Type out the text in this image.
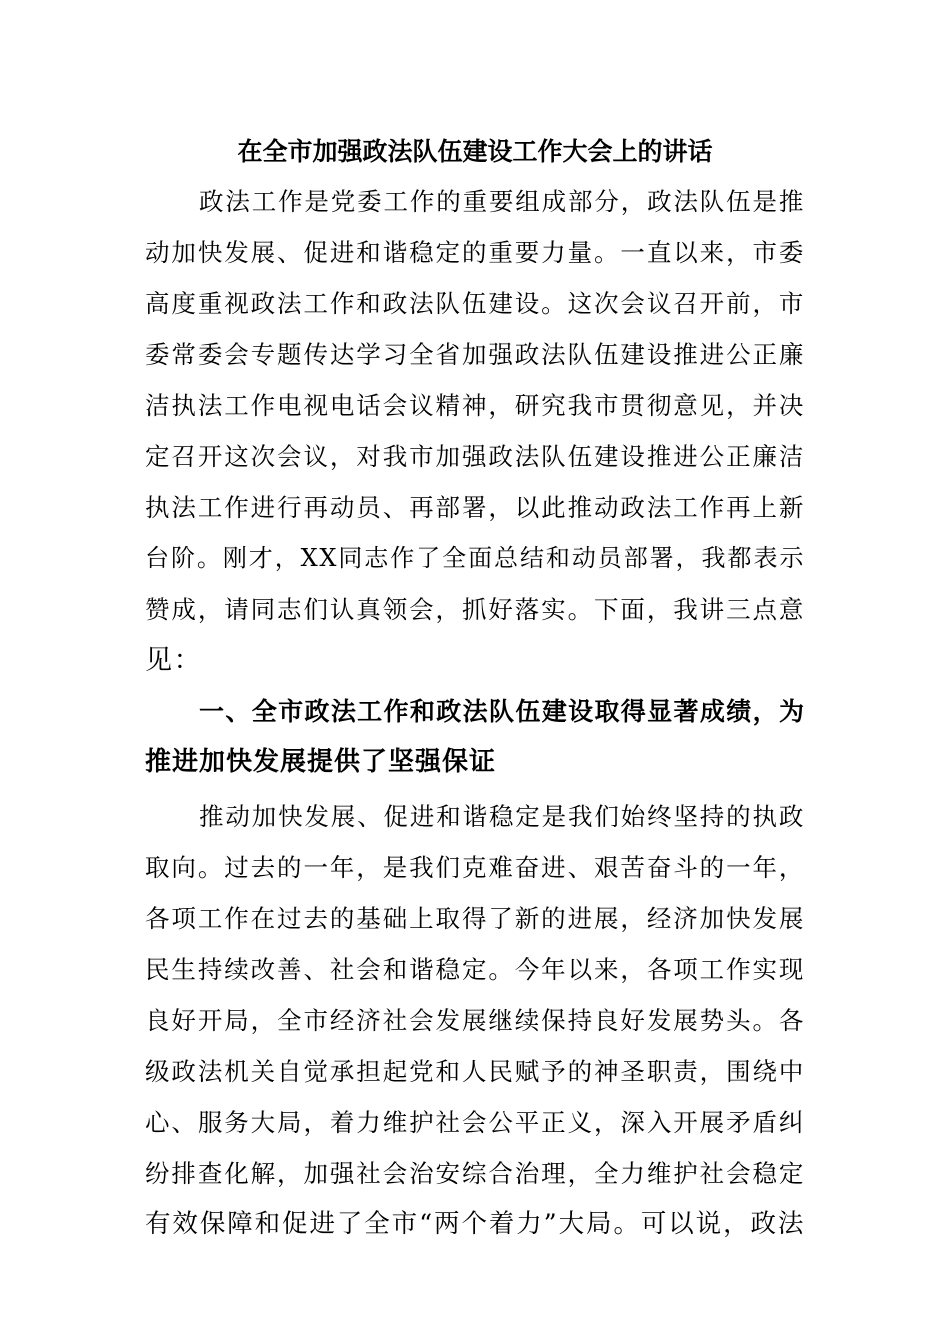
在全市加强政法队伍建设工作大会上的讲话
政法工作是党委工作的重要组成部分，政法队伍是推
动加快发展、促进和谐稳定的重要力量。一直以来，市委
高度重视政法工作和政法队伍建设。这次会议召开前，市
委常委会专题传达学习全省加强政法队伍建设推进公正廉
洁执法工作电视电话会议精神，研究我市贯彻意见，并决
定召开这次会议，对我市加强政法队伍建设推进公正廉洁
执法工作进行再动员、再部署，以此推动政法工作再上新
台阶。刚才，XX同志作了全面总结和动员部署，我都表示
赞成，请同志们认真领会，抓好落实。下面，我讲三点意
见：
一、全市政法工作和政法队伍建设取得显著成绩，为
推进加快发展提供了坚强保证
推动加快发展、促进和谐稳定是我们始终坚持的执政
取向。过去的一年，是我们克难奋进、艰苦奋斗的一年，
各项工作在过去的基础上取得了新的进展，经济加快发展
民生持续改善、社会和谐稳定。今年以来，各项工作实现
良好开局，全市经济社会发展继续保持良好发展势头。各
级政法机关自觉承担起党和人民赋予的神圣职责，围绕中
心、服务大局，着力维护社会公平正义，深入开展矛盾纠
纷排查化解，加强社会治安综合治理，全力维护社会稳定
有效保障和促进了全市“两个着力”大局。可以说，政法
